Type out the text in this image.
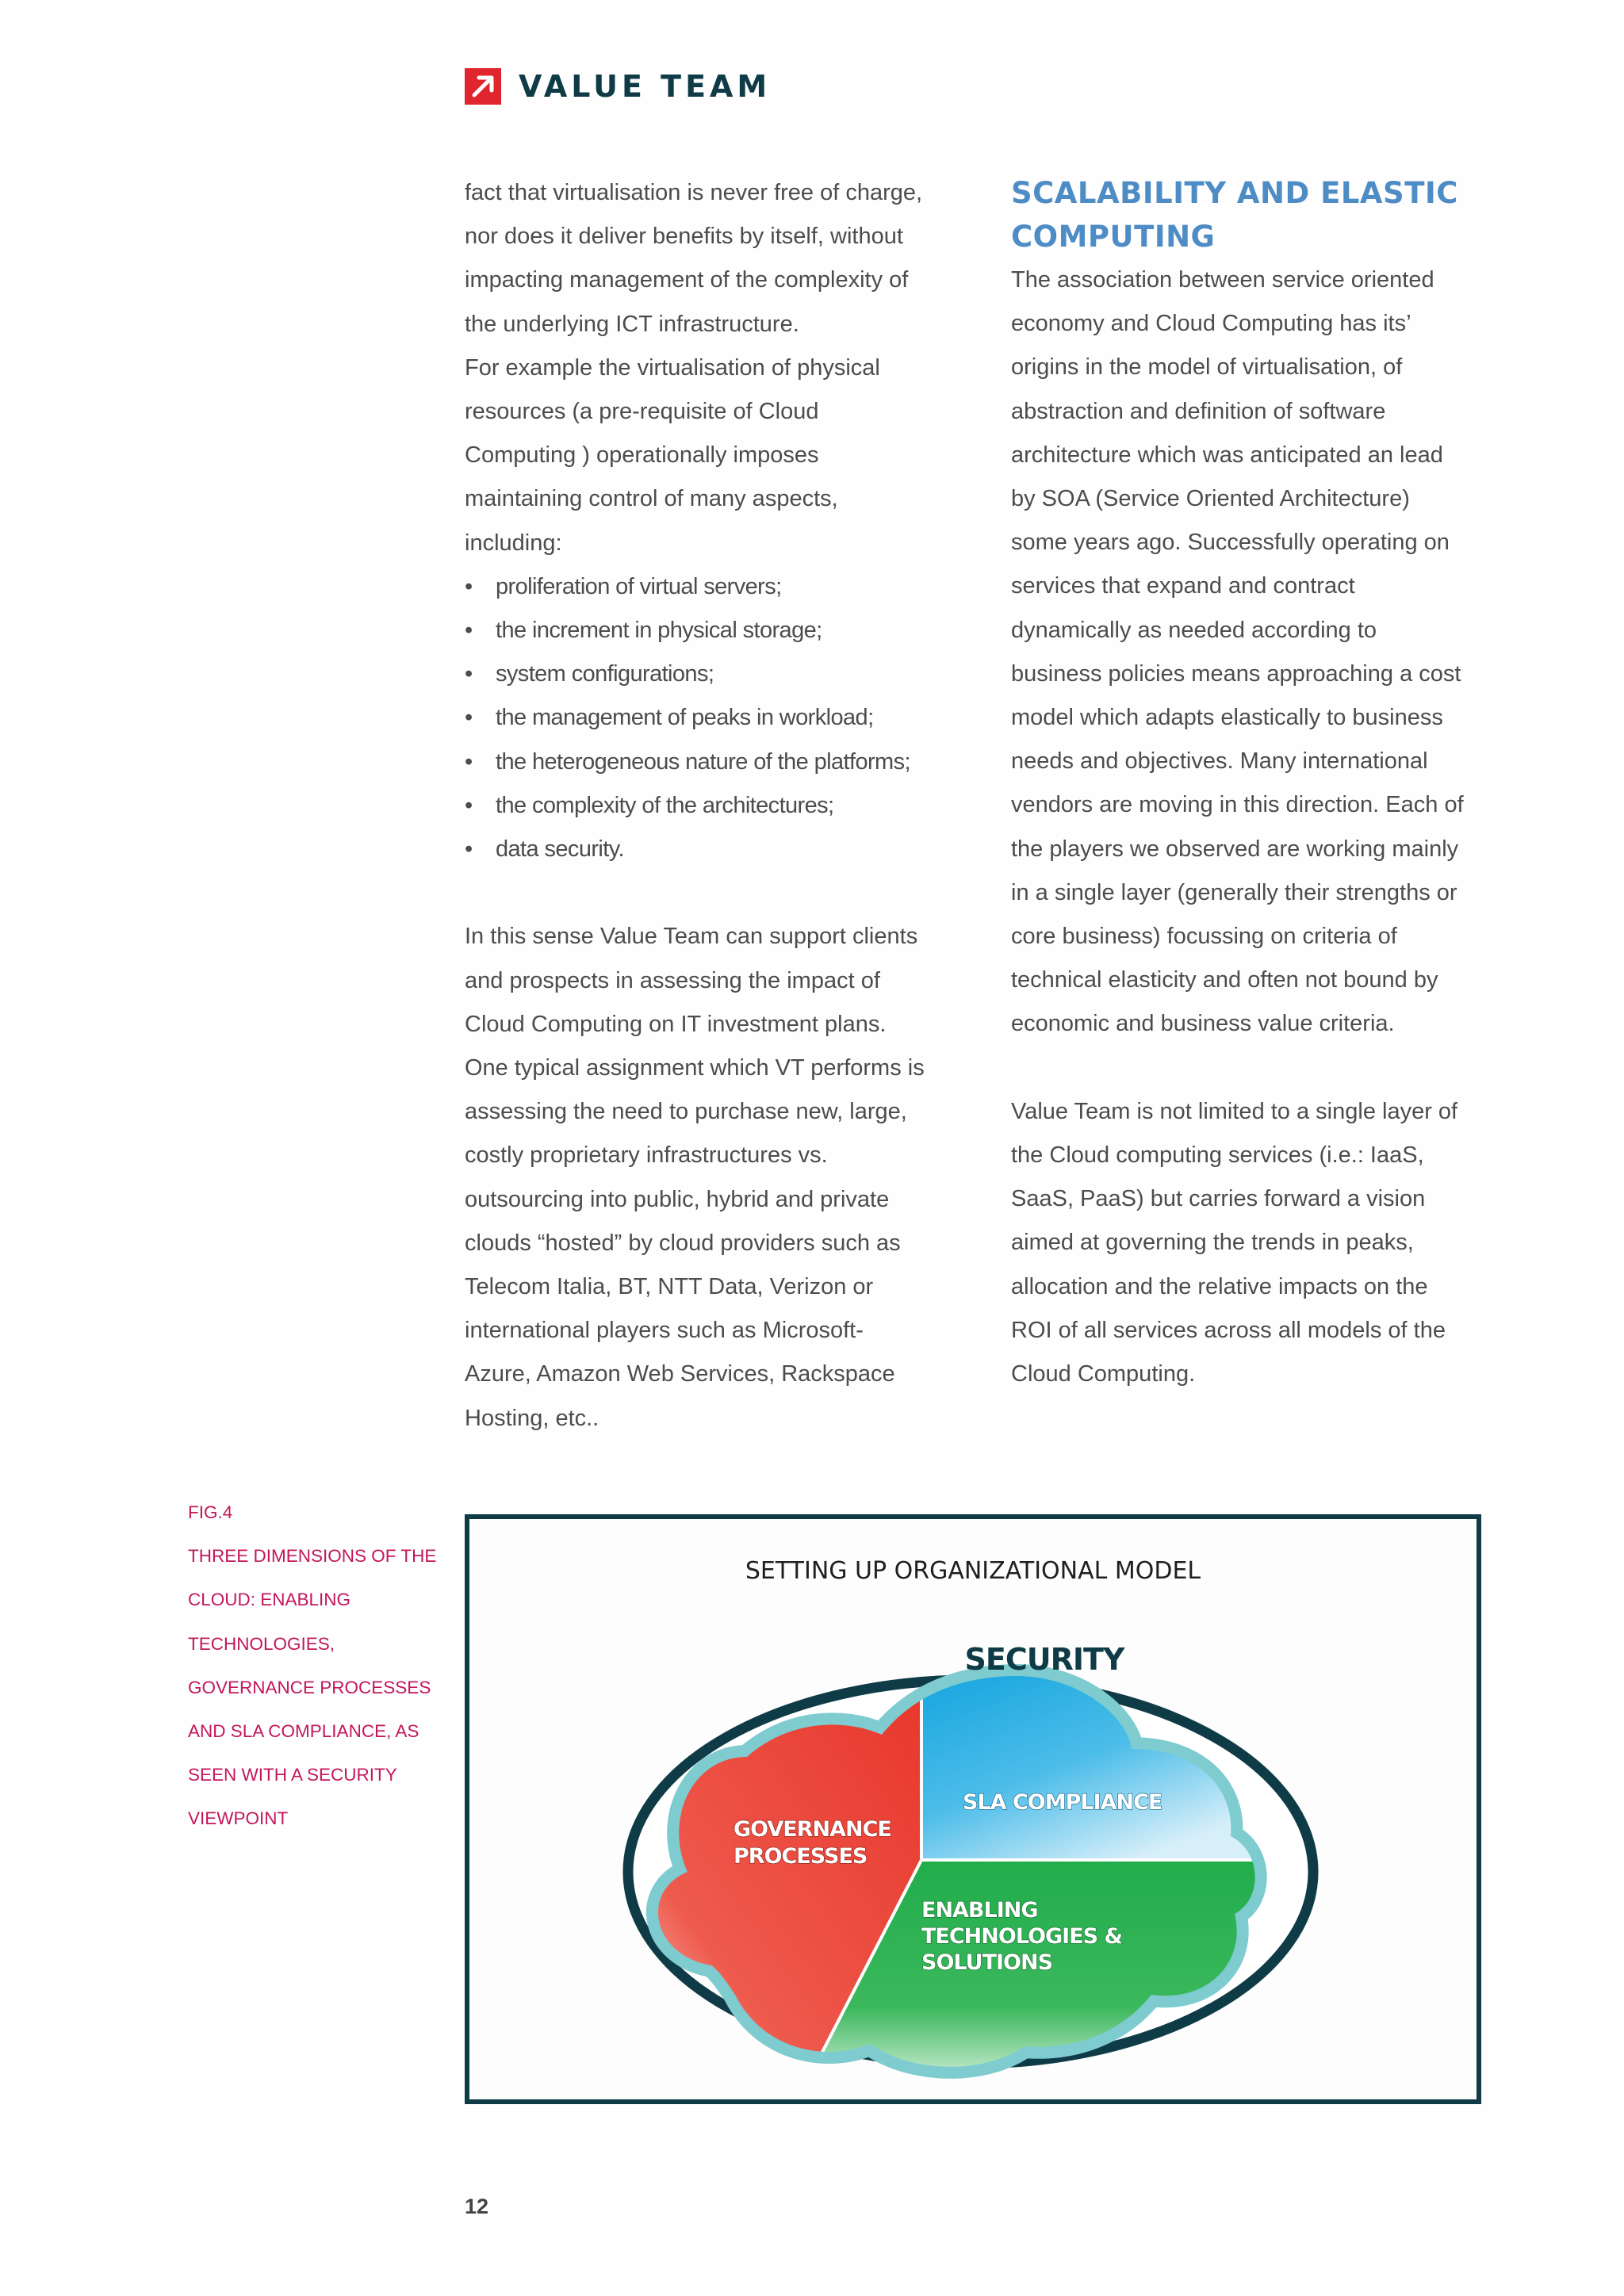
VALUE TEAM

fact that virtualisation is never free of charge,

nor does it deliver benefits by itself, without

impacting management of the complexity of

the underlying ICT infrastructure.

For example the virtualisation of physical

resources (a pre-requisite of Cloud

Computing ) operationally imposes

maintaining control of many aspects,

including:

• proliferation of virtual servers;
• the increment in physical storage;
• system configurations;
• the management of peaks in workload;
• the heterogeneous nature of the platforms;
• the complexity of the architectures;
• data security.

In this sense Value Team can support clients

and prospects in assessing the impact of

Cloud Computing on IT investment plans.

One typical assignment which VT performs is

assessing the need to purchase new, large,

costly proprietary infrastructures vs.

outsourcing into public, hybrid and private

clouds “hosted” by cloud providers such as

Telecom Italia, BT, NTT Data, Verizon or

international players such as Microsoft-

Azure, Amazon Web Services, Rackspace

Hosting, etc..

SCALABILITY AND ELASTIC

COMPUTING

The association between service oriented

economy and Cloud Computing has its’

origins in the model of virtualisation, of

abstraction and definition of software

architecture which was anticipated an lead

by SOA (Service Oriented Architecture)

some years ago. Successfully operating on

services that expand and contract

dynamically as needed according to

business policies means approaching a cost

model which adapts elastically to business

needs and objectives. Many international

vendors are moving in this direction. Each of

the players we observed are working mainly

in a single layer (generally their strengths or

core business) focussing on criteria of

technical elasticity and often not bound by

economic and business value criteria.

Value Team is not limited to a single layer of

the Cloud computing services (i.e.: IaaS,

SaaS, PaaS) but carries forward a vision

aimed at governing the trends in peaks,

allocation and the relative impacts on the

ROI of all services across all models of the

Cloud Computing.

FIG.4
THREE DIMENSIONS OF THE
CLOUD: ENABLING
TECHNOLOGIES,
GOVERNANCE PROCESSES
AND SLA COMPLIANCE, AS
SEEN WITH A SECURITY
VIEWPOINT
SETTING UP ORGANIZATIONAL MODEL
SECURITY
GOVERNANCE
PROCESSES
SLA COMPLIANCE
ENABLING
TECHNOLOGIES &
SOLUTIONS
12
